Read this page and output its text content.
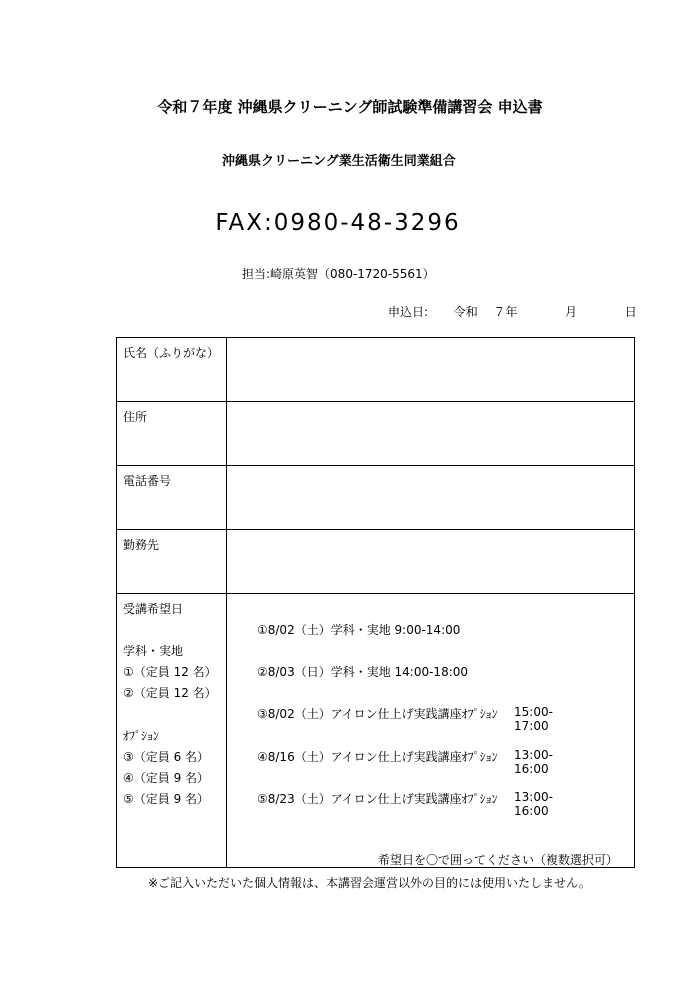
令和７年度 沖縄県クリーニング師試験準備講習会 申込書
沖縄県クリーニング業生活衛生同業組合
FAX:0980-48-3296
担当:崎原英智（080-1720-5561）
申込日: 令和 ７年	月	日
氏名（ふりがな）
住所
電話番号
勤務先
受講希望日
学科・実地
①（定員 12 名）
②（定員 12 名）
ｵﾌﾟｼｮﾝ
③（定員 6 名）
④（定員 9 名）
⑤（定員 9 名）
①8/02（土）学科・実地 9:00-14:00
②8/03（日）学科・実地 14:00-18:00
③8/02（土）アイロン仕上げ実践講座ｵﾌﾟｼｮﾝ 15:00-17:00
④8/16（土）アイロン仕上げ実践講座ｵﾌﾟｼｮﾝ 13:00-16:00
⑤8/23（土）アイロン仕上げ実践講座ｵﾌﾟｼｮﾝ 13:00-16:00
希望日を〇で囲ってください（複数選択可）
※ご記入いただいた個人情報は、本講習会運営以外の目的には使用いたしません。
